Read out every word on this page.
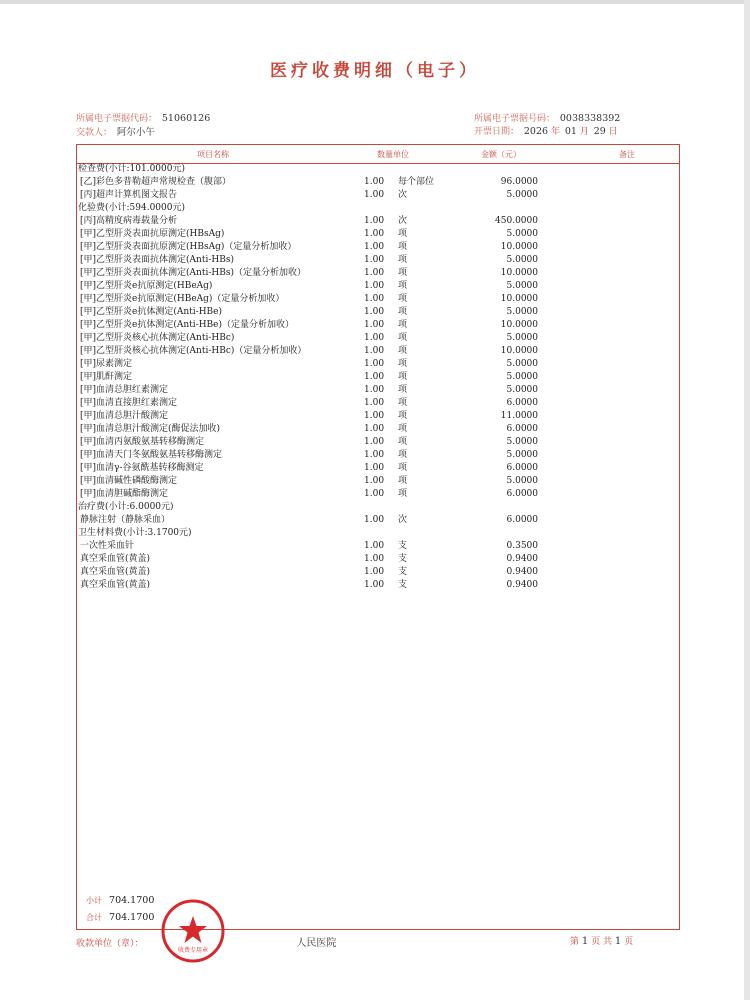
医疗收费明细（电子）
所属电子票据代码： 51060126
交款人： 阿尔小午
所属电子票据号码： 0038338392
开票日期： 2026 年 01 月 29 日
项目名称	数量单位	金额（元）	备注
检查费(小计:101.0000元)
[乙]彩色多普勒超声常规检查（腹部）	1.00 每个部位	96.0000
[丙]超声计算机图文报告	1.00 次	5.0000
化验费(小计:594.0000元)
[丙]高精度病毒载量分析	1.00 次	450.0000
[甲]乙型肝炎表面抗原测定(HBsAg)	1.00 项	5.0000
[甲]乙型肝炎表面抗原测定(HBsAg)（定量分析加收）	1.00 项	10.0000
[甲]乙型肝炎表面抗体测定(Anti-HBs)	1.00 项	5.0000
[甲]乙型肝炎表面抗体测定(Anti-HBs)（定量分析加收）	1.00 项	10.0000
[甲]乙型肝炎e抗原测定(HBeAg)	1.00 项	5.0000
[甲]乙型肝炎e抗原测定(HBeAg)（定量分析加收）	1.00 项	10.0000
[甲]乙型肝炎e抗体测定(Anti-HBe)	1.00 项	5.0000
[甲]乙型肝炎e抗体测定(Anti-HBe)（定量分析加收）	1.00 项	10.0000
[甲]乙型肝炎核心抗体测定(Anti-HBc)	1.00 项	5.0000
[甲]乙型肝炎核心抗体测定(Anti-HBc)（定量分析加收）	1.00 项	10.0000
[甲]尿素测定	1.00 项	5.0000
[甲]肌酐测定	1.00 项	5.0000
[甲]血清总胆红素测定	1.00 项	5.0000
[甲]血清直接胆红素测定	1.00 项	6.0000
[甲]血清总胆汁酸测定	1.00 项	11.0000
[甲]血清总胆汁酸测定(酶促法加收)	1.00 项	6.0000
[甲]血清丙氨酸氨基转移酶测定	1.00 项	5.0000
[甲]血清天门冬氨酸氨基转移酶测定	1.00 项	5.0000
[甲]血清γ-谷氨酰基转移酶测定	1.00 项	6.0000
[甲]血清碱性磷酸酶测定	1.00 项	5.0000
[甲]血清胆碱酯酶测定	1.00 项	6.0000
治疗费(小计:6.0000元)
静脉注射（静脉采血）	1.00 次	6.0000
卫生材料费(小计:3.1700元)
一次性采血针	1.00 支	0.3500
真空采血管(黄盖)	1.00 支	0.9400
真空采血管(黄盖)	1.00 支	0.9400
真空采血管(黄盖)	1.00 支	0.9400
小计 704.1700
合计 704.1700
收款单位（章）：	人民医院	第 1 页 共 1 页
收费专用章
